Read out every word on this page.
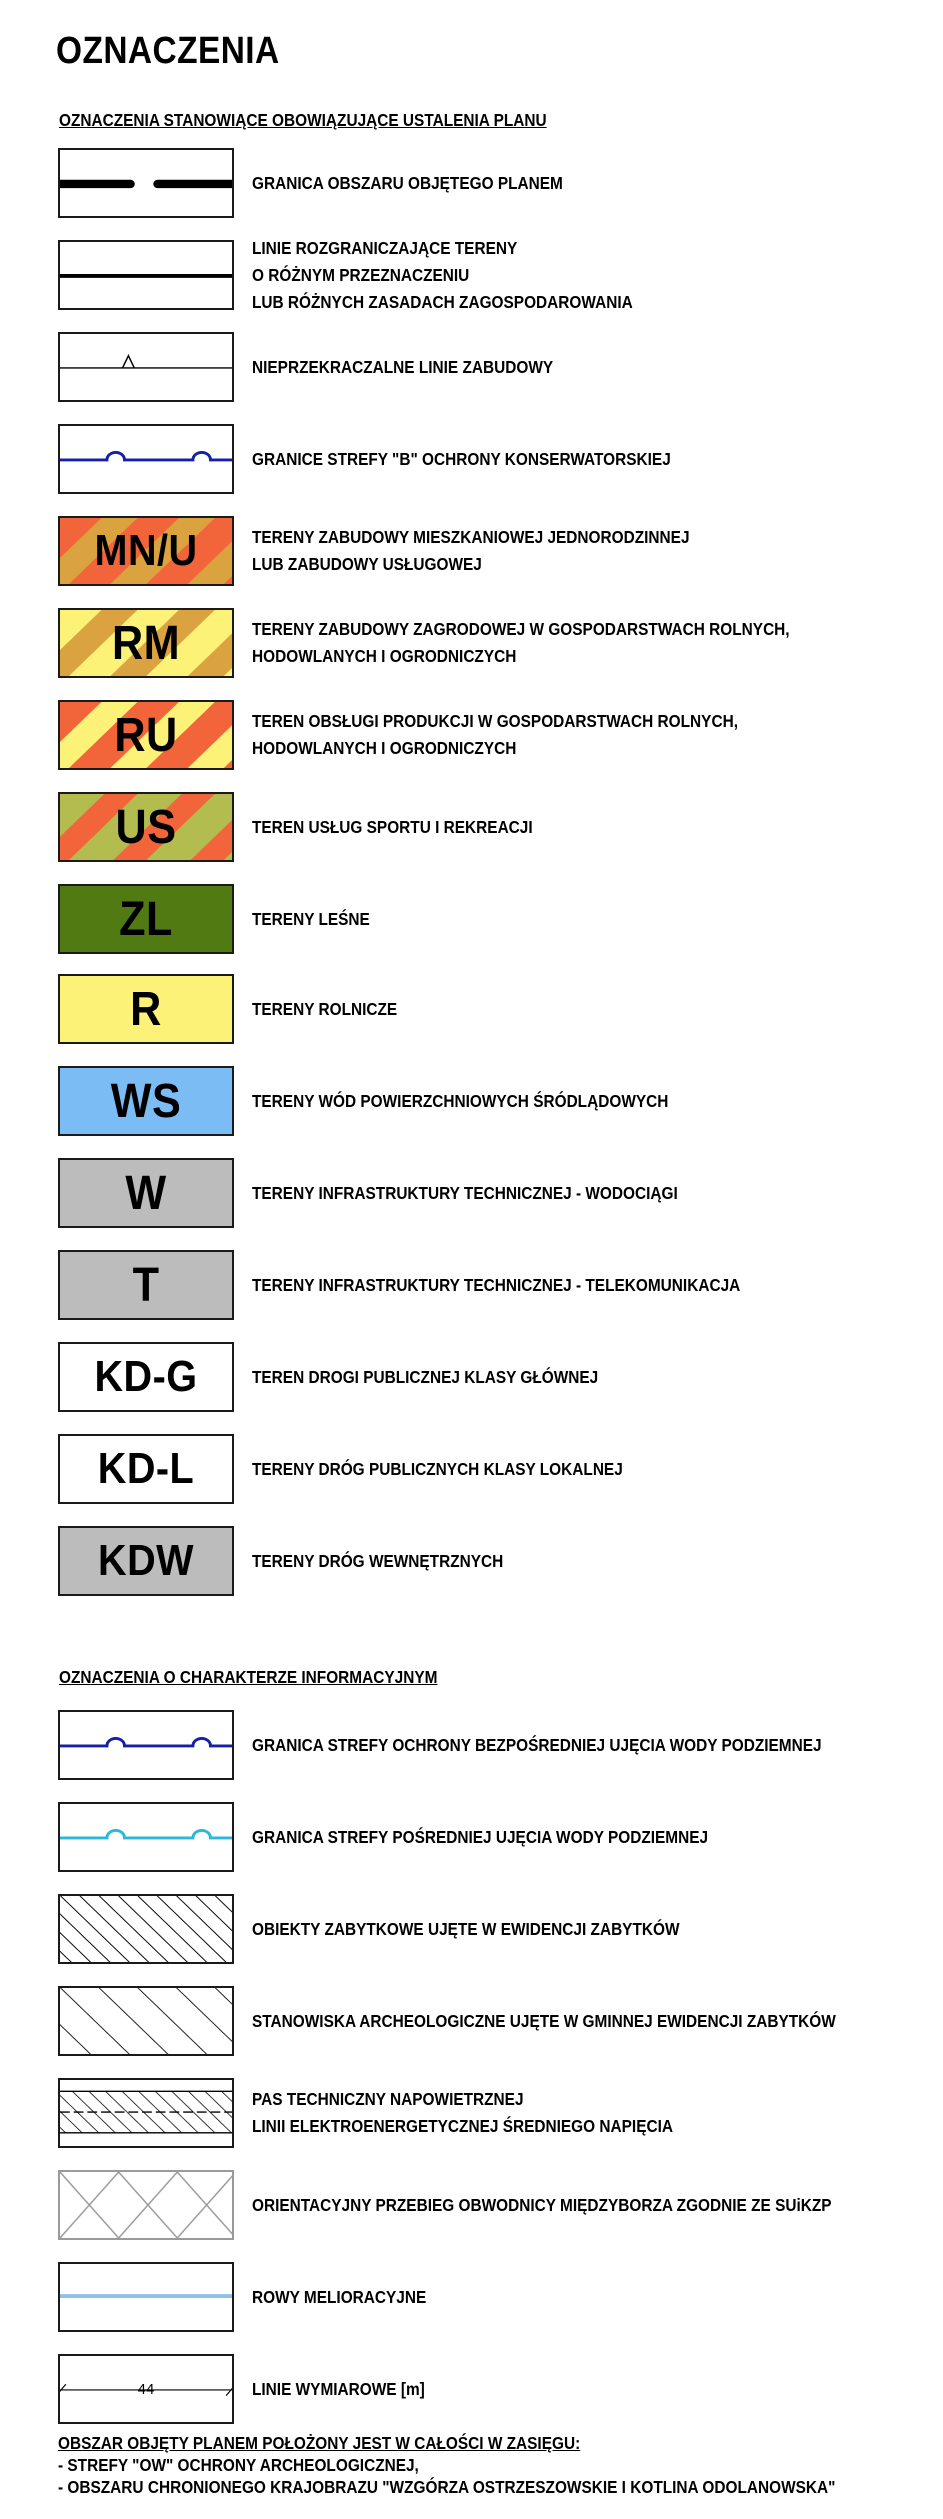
OZNACZENIA
OZNACZENIA STANOWIĄCE OBOWIĄZUJĄCE USTALENIA PLANU
GRANICA OBSZARU OBJĘTEGO PLANEM
LINIE ROZGRANICZAJĄCE TERENY
O RÓŻNYM PRZEZNACZENIU
LUB RÓŻNYCH ZASADACH ZAGOSPODAROWANIA
NIEPRZEKRACZALNE LINIE ZABUDOWY
GRANICE STREFY "B" OCHRONY KONSERWATORSKIEJ
MN/U	TERENY ZABUDOWY MIESZKANIOWEJ JEDNORODZINNEJ
LUB ZABUDOWY USŁUGOWEJ
RM	TERENY ZABUDOWY ZAGRODOWEJ W GOSPODARSTWACH ROLNYCH,
HODOWLANYCH I OGRODNICZYCH
RU	TEREN OBSŁUGI PRODUKCJI W GOSPODARSTWACH ROLNYCH,
HODOWLANYCH I OGRODNICZYCH
US	TEREN USŁUG SPORTU I REKREACJI
ZL	TERENY LEŚNE
R	TERENY ROLNICZE
WS	TERENY WÓD POWIERZCHNIOWYCH ŚRÓDLĄDOWYCH
W	TERENY INFRASTRUKTURY TECHNICZNEJ - WODOCIĄGI
T	TERENY INFRASTRUKTURY TECHNICZNEJ - TELEKOMUNIKACJA
KD-G	TEREN DROGI PUBLICZNEJ KLASY GŁÓWNEJ
KD-L	TERENY DRÓG PUBLICZNYCH KLASY LOKALNEJ
KDW	TERENY DRÓG WEWNĘTRZNYCH
OZNACZENIA O CHARAKTERZE INFORMACYJNYM
GRANICA STREFY OCHRONY BEZPOŚREDNIEJ UJĘCIA WODY PODZIEMNEJ
GRANICA STREFY POŚREDNIEJ UJĘCIA WODY PODZIEMNEJ
OBIEKTY ZABYTKOWE UJĘTE W EWIDENCJI ZABYTKÓW
STANOWISKA ARCHEOLOGICZNE UJĘTE W GMINNEJ EWIDENCJI ZABYTKÓW
PAS TECHNICZNY NAPOWIETRZNEJ
LINII ELEKTROENERGETYCZNEJ ŚREDNIEGO NAPIĘCIA
ORIENTACYJNY PRZEBIEG OBWODNICY MIĘDZYBORZA ZGODNIE ZE SUiKZP
ROWY MELIORACYJNE
44	LINIE WYMIAROWE [m]
OBSZAR OBJĘTY PLANEM POŁOŻONY JEST W CAŁOŚCI W ZASIĘGU:
- STREFY "OW" OCHRONY ARCHEOLOGICZNEJ,
- OBSZARU CHRONIONEGO KRAJOBRAZU "WZGÓRZA OSTRZESZOWSKIE I KOTLINA ODOLANOWSKA"
